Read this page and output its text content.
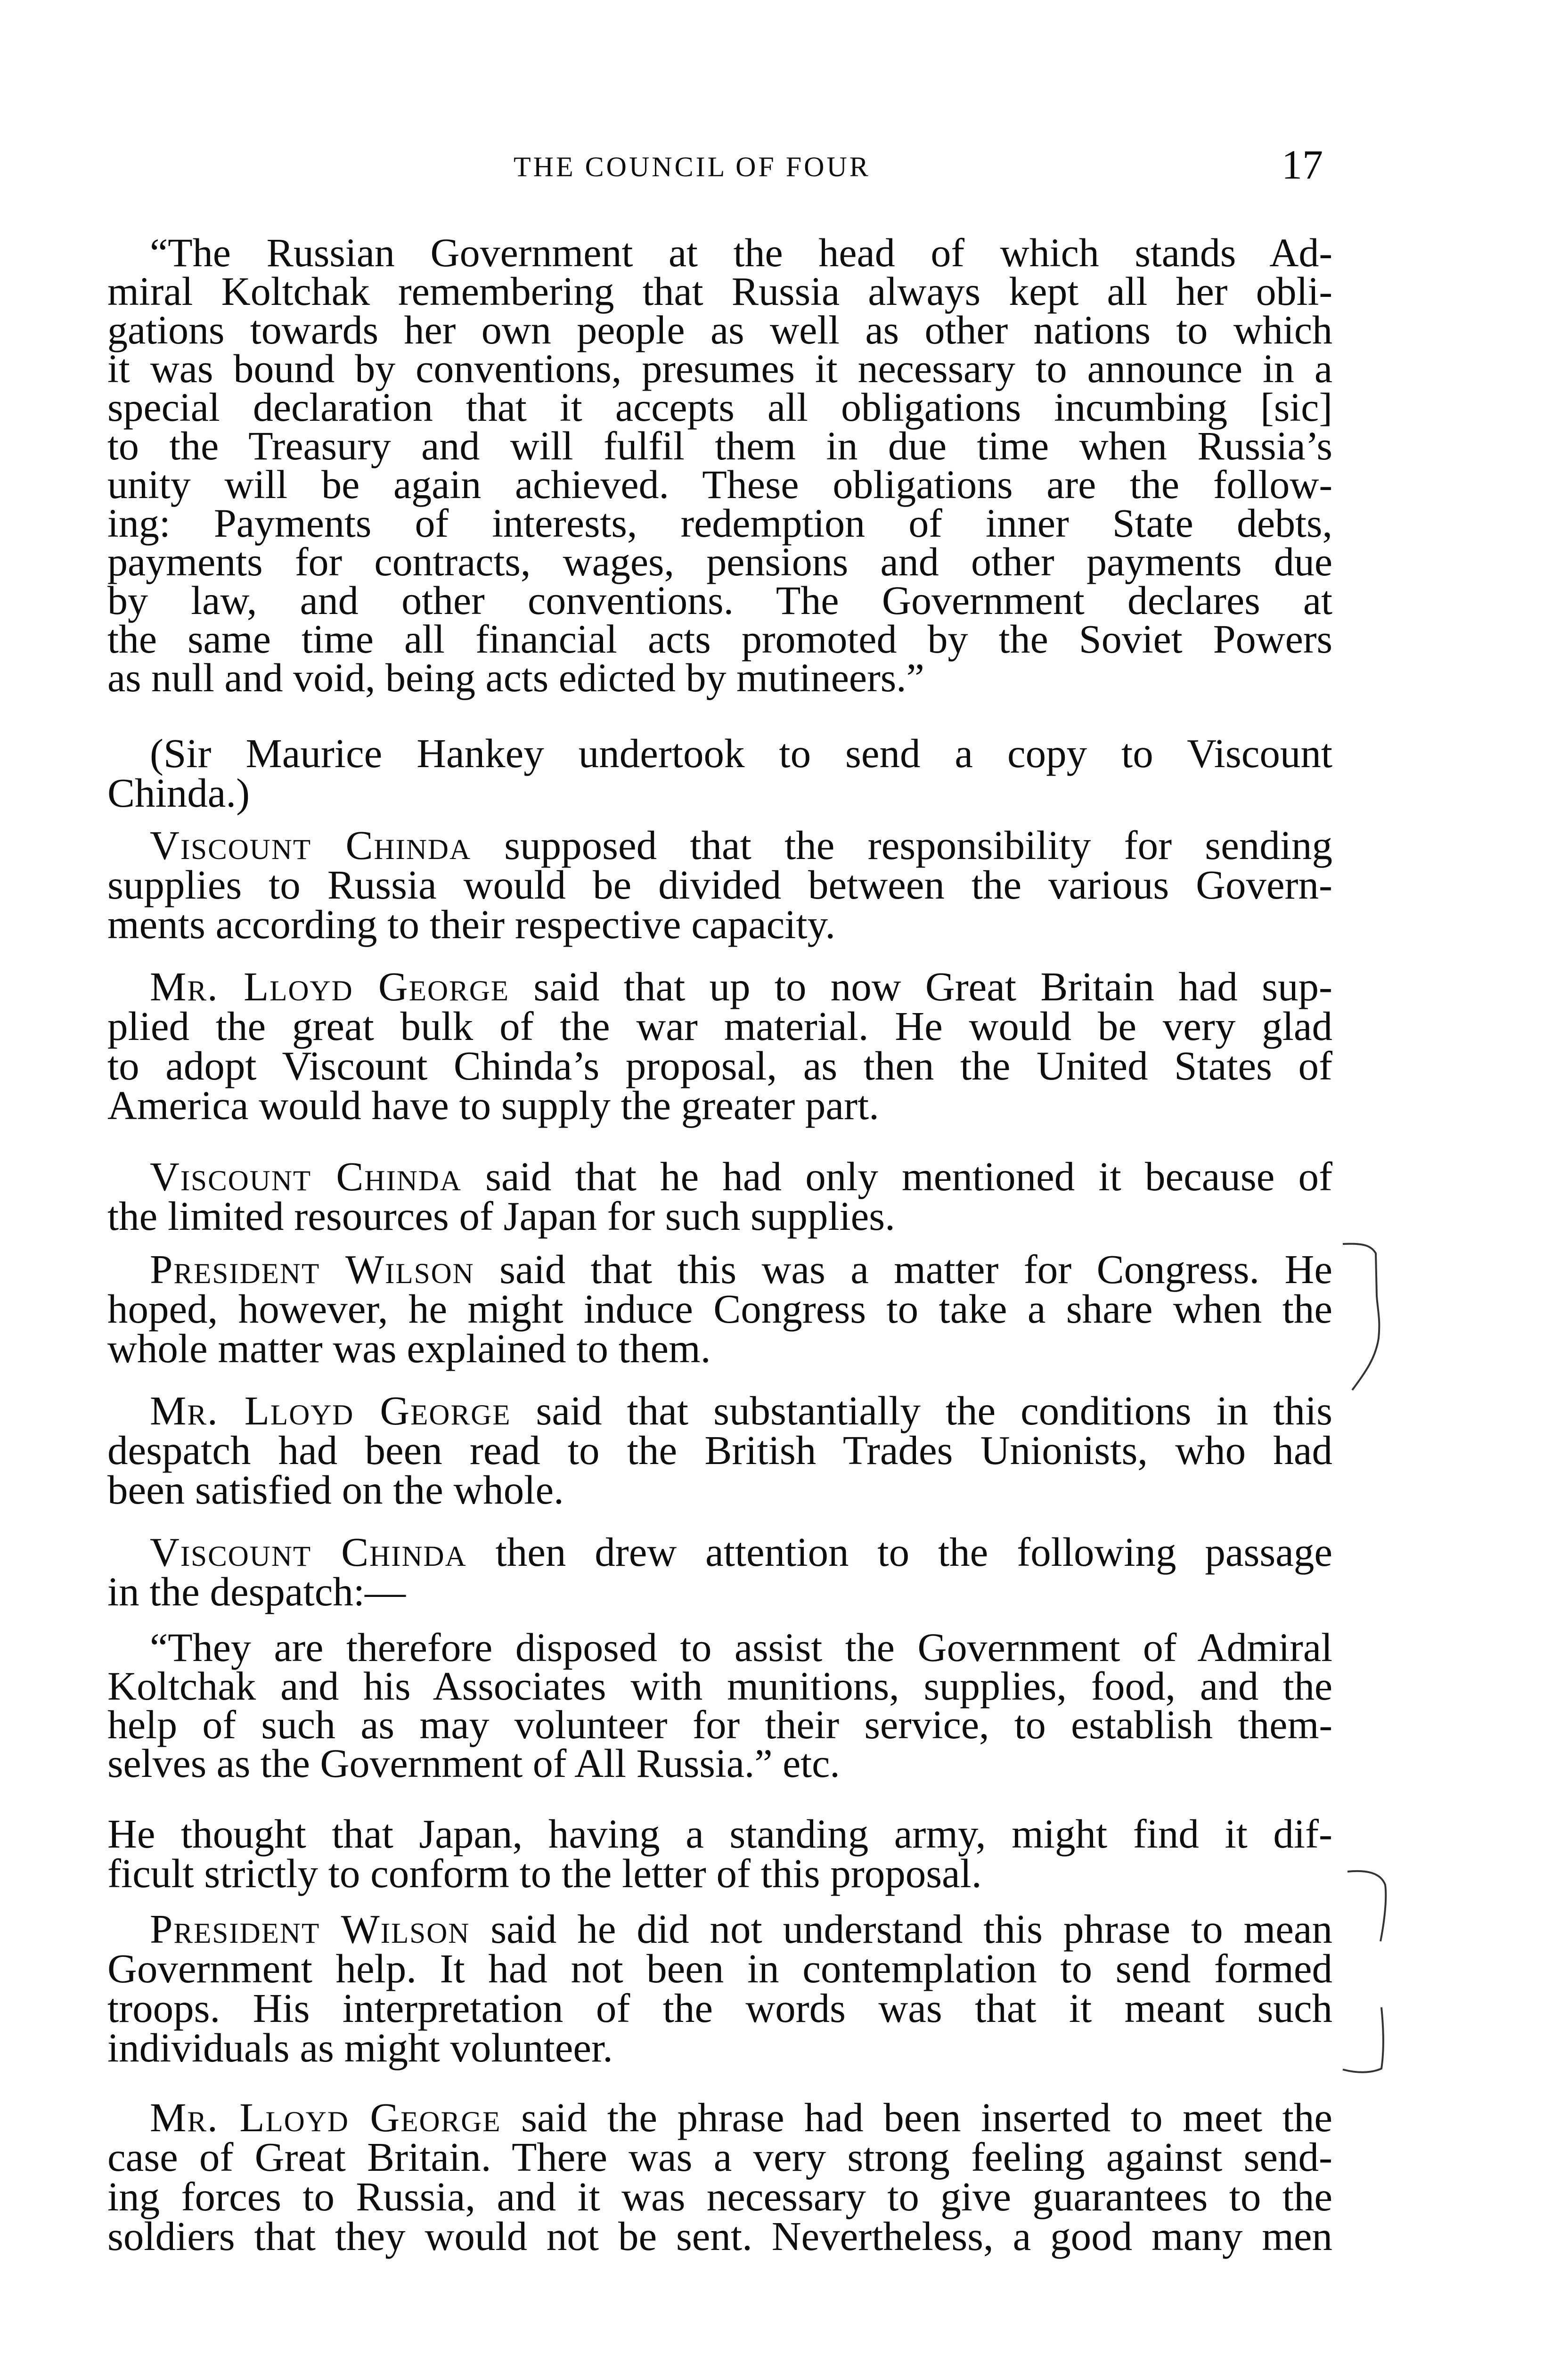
THE COUNCIL OF FOUR	17
“The Russian Government at the head of which stands Ad-
miral Koltchak remembering that Russia always kept all her obli-
gations towards her own people as well as other nations to which
it was bound by conventions, presumes it necessary to announce in a
special declaration that it accepts all obligations incumbing [sic]
to the Treasury and will fulfil them in due time when Russia’s
unity will be again achieved. These obligations are the follow-
ing: Payments of interests, redemption of inner State debts,
payments for contracts, wages, pensions and other payments due
by law, and other conventions. The Government declares at
the same time all financial acts promoted by the Soviet Powers
as null and void, being acts edicted by mutineers.”
(Sir Maurice Hankey undertook to send a copy to Viscount
Chinda.)
Viscount Chinda supposed that the responsibility for sending
supplies to Russia would be divided between the various Govern-
ments according to their respective capacity.
Mr. Lloyd George said that up to now Great Britain had sup-
plied the great bulk of the war material. He would be very glad
to adopt Viscount Chinda’s proposal, as then the United States of
America would have to supply the greater part.
Viscount Chinda said that he had only mentioned it because of
the limited resources of Japan for such supplies.
President Wilson said that this was a matter for Congress. He
hoped, however, he might induce Congress to take a share when the
whole matter was explained to them.
Mr. Lloyd George said that substantially the conditions in this
despatch had been read to the British Trades Unionists, who had
been satisfied on the whole.
Viscount Chinda then drew attention to the following passage
in the despatch:—
“They are therefore disposed to assist the Government of Admiral
Koltchak and his Associates with munitions, supplies, food, and the
help of such as may volunteer for their service, to establish them-
selves as the Government of All Russia.” etc.
He thought that Japan, having a standing army, might find it dif-
ficult strictly to conform to the letter of this proposal.
President Wilson said he did not understand this phrase to mean
Government help. It had not been in contemplation to send formed
troops. His interpretation of the words was that it meant such
individuals as might volunteer.
Mr. Lloyd George said the phrase had been inserted to meet the
case of Great Britain. There was a very strong feeling against send-
ing forces to Russia, and it was necessary to give guarantees to the
soldiers that they would not be sent. Nevertheless, a good many men
